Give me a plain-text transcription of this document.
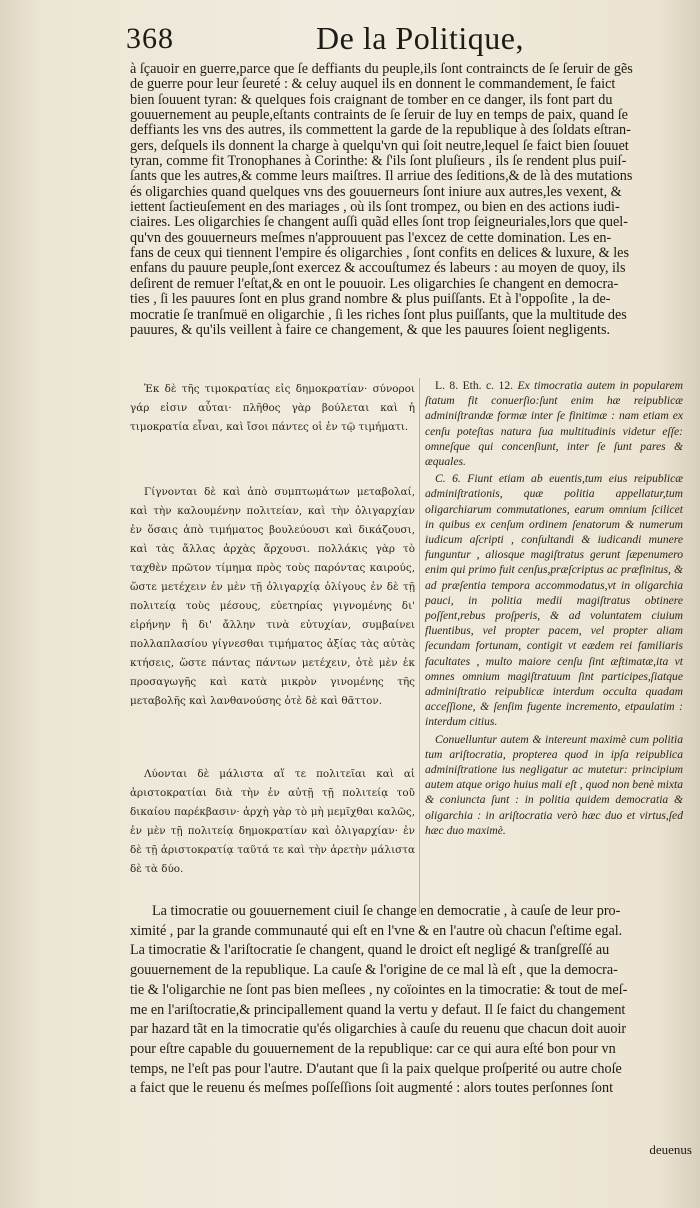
368	De la Politique,
à ſçauoir en guerre,parce que ſe deffiants du peuple,ils ſont contraincts de ſe ſeruir de gẽs
de guerre pour leur ſeureté : & celuy auquel ils en donnent le commandement, ſe faict
bien ſouuent tyran: & quelques fois craignant de tomber en ce danger, ils font part du
gouuernement au peuple,eſtants contraints de ſe ſeruir de luy en temps de paix, quand ſe
deffiants les vns des autres, ils commettent la garde de la republique à des ſoldats eſtran-
gers, deſquels ils donnent la charge à quelqu'vn qui ſoit neutre,lequel ſe faict bien ſouuet
tyran, comme fit Tronophanes à Corinthe: & ſ'ils ſont pluſieurs , ils ſe rendent plus puiſ-
ſants que les autres,& comme leurs maiſtres. Il arriue des ſeditions,& de là des mutations
és oligarchies quand quelques vns des gouuerneurs ſont iniure aux autres,les vexent, &
iettent ſactieuſement en des mariages , où ils ſont trompez, ou bien en des actions iudi-
ciaires. Les oligarchies ſe changent auſſi quãd elles ſont trop ſeigneuriales,lors que quel-
qu'vn des gouuerneurs meſmes n'approuuent pas l'excez de cette domination. Les en-
fans de ceux qui tiennent l'empire és oligarchies , ſont confits en delices & luxure, & les
enfans du pauure peuple,ſont exercez & accouſtumez és labeurs : au moyen de quoy, ils
deſirent de remuer l'eſtat,& en ont le pouuoir. Les oligarchies ſe changent en democra-
ties , ſi les pauures ſont en plus grand nombre & plus puiſſants. Et à l'oppoſite , la de-
mocratie ſe tranſmuë en oligarchie , ſi les riches ſont plus puiſſants, que la multitude des
pauures, & qu'ils veillent à faire ce changement, & que les pauures ſoient negligents.

Ἐκ δὲ τῆς τιμοκρατίας εἰς δημοκρατίαν· σύνοροι γάρ εἰσιν αὗται· πλῆθος γὰρ βούλεται καὶ ἡ τιμοκρατία εἶναι, καὶ ἴσοι πάντες οἱ ἐν τῷ τιμήματι.

Γίγνονται δὲ καὶ ἀπὸ συμπτωμάτων μεταβολαί, καὶ τὴν καλουμένην πολιτείαν, καὶ τὴν ὀλιγαρχίαν ἐν ὅσαις ἀπὸ τιμήματος βουλεύουσι καὶ δικάζουσι, καὶ τὰς ἄλλας ἀρχὰς ἄρχουσι. πολλάκις γὰρ τὸ ταχθὲν πρῶτον τίμημα πρὸς τοὺς παρόντας καιρούς, ὥστε μετέχειν ἐν μὲν τῇ ὀλιγαρχίᾳ ὀλίγους ἐν δὲ τῇ πολιτείᾳ τοὺς μέσους, εὐετηρίας γιγνομένης δι' εἰρήνην ἢ δι' ἄλλην τινὰ εὐτυχίαν, συμβαίνει πολλαπλασίου γίγνεσθαι τιμήματος ἀξίας τὰς αὐτὰς κτήσεις, ὥστε πάντας πάντων μετέχειν, ὁτὲ μὲν ἐκ προσαγωγῆς καὶ κατὰ μικρὸν γινομένης τῆς μεταβολῆς καὶ λανθανούσης ὁτὲ δὲ καὶ θᾶττον.

Λύονται δὲ μάλιστα αἵ τε πολιτεῖαι καὶ αἱ ἀριστοκρατίαι διὰ τὴν ἐν αὐτῇ τῇ πολιτείᾳ τοῦ δικαίου παρέκβασιν· ἀρχὴ γὰρ τὸ μὴ μεμῖχθαι καλῶς, ἐν μὲν τῇ πολιτείᾳ δημοκρατίαν καὶ ὀλιγαρχίαν· ἐν δὲ τῇ ἀριστοκρατίᾳ ταῦτά τε καὶ τὴν ἀρετὴν μάλιστα δὲ τὰ δύο.

L. 8. Eth. c. 12. Ex timocratia autem in popularem ſtatum fit conuerſio:ſunt enim hæ reipublicæ adminiſtrandæ formæ inter ſe finitimæ : nam etiam ex cenſu poteſtas natura ſua multitudinis videtur eſſe: omneſque qui concenſiunt, inter ſe ſunt pares & æquales.

C. 6. Fiunt etiam ab euentis,tum eius reipublicæ adminiſtrationis, quæ politia appellatur,tum oligarchiarum commutationes, earum omnium ſcilicet in quibus ex cenſum ordinem ſenatorum & numerum iudicum aſcripti , conſultandi & iudicandi munere funguntur , aliosque magiſtratus gerunt ſæpenumero enim qui primo fuit cenſus,præſcriptus ac præfinitus, & ad præſentia tempora accommodatus,vt in oligarchia pauci, in politia medii magiſtratus obtinere poſſent,rebus proſperis, & ad voluntatem ciuium fluentibus, vel propter pacem, vel propter aliam ſecundam fortunam, contigit vt eædem rei familiaris facultates , multo maiore cenſu ſint æſtimatæ,ita vt omnes omnium magiſtratuum ſint participes,ſiatque adminiſtratio reipublicæ interdum occulta quadam acceſſione, & ſenſim fugente incremento, etpaulatim : interdum citius.

Conuelluntur autem & intereunt maximè cum politia tum ariſtocratia, propterea quod in ipſa reipublica adminiſtratione ius negligatur ac mutetur: principium autem atque origo huius mali eſt , quod non benè mixta & coniuncta ſunt : in politia quidem democratia & oligarchia : in ariſtocratia verò hæc duo et virtus,ſed hæc duo maximè.

La timocratie ou gouuernement ciuil ſe change en democratie , à cauſe de leur pro-
ximité , par la grande communauté qui eſt en l'vne & en l'autre où chacun ſ'eſtime egal.
La timocratie & l'ariſtocratie ſe changent, quand le droict eſt negligé & tranſgreſſé au
gouuernement de la republique. La cauſe & l'origine de ce mal là eſt , que la democra-
tie & l'oligarchie ne ſont pas bien meſlees , ny coïointes en la timocratie: & tout de meſ-
me en l'ariſtocratie,& principallement quand la vertu y defaut. Il ſe faict du changement
par hazard tãt en la timocratie qu'és oligarchies à cauſe du reuenu que chacun doit auoir
pour eſtre capable du gouuernement de la republique: car ce qui aura eſté bon pour vn
temps, ne l'eſt pas pour l'autre. D'autant que ſi la paix quelque proſperité ou autre choſe
a faict que le reuenu és meſmes poſſeſſions ſoit augmenté : alors toutes perſonnes ſont
deuenus
